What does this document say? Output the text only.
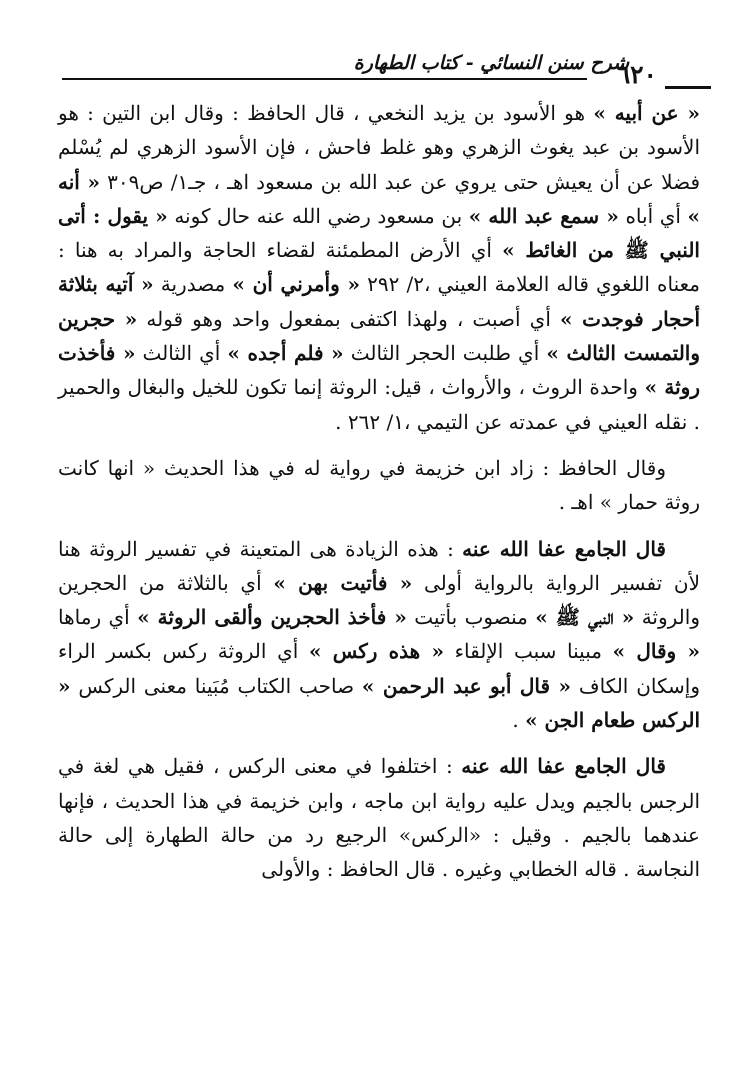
شرح سنن النسائي - كتاب الطهارة
٦٢٠

« عن أبيه » هو الأسود بن يزيد النخعي ، قال الحافظ : وقال ابن التين : هو الأسود بن عبد يغوث الزهري وهو غلط فاحش ، فإن الأسود الزهري لم يُسْلم فضلا عن أن يعيش حتى يروي عن عبد الله بن مسعود اهـ ، جـ١/ ص٣٠٩ « أنه » أي أباه « سمع عبد الله » بن مسعود رضي الله عنه حال كونه « يقول : أتى النبي ﷺ من الغائط » أي الأرض المطمئنة لقضاء الحاجة والمراد به هنا : معناه اللغوي قاله العلامة العيني ،٢/ ٢٩٢ « وأمرني أن » مصدرية « آتيه بثلاثة أحجار فوجدت » أي أصبت ، ولهذا اكتفى بمفعول واحد وهو قوله « حجرين والتمست الثالث » أي طلبت الحجر الثالث « فلم أجده » أي الثالث « فأخذت روثة » واحدة الروث ، والأرواث ، قيل: الروثة إنما تكون للخيل والبغال والحمير . نقله العيني في عمدته عن التيمي ،١/ ٢٦٢ .

وقال الحافظ : زاد ابن خزيمة في رواية له في هذا الحديث « انها كانت روثة حمار » اهـ .

قال الجامع عفا الله عنه : هذه الزيادة هى المتعينة في تفسير الروثة هنا لأن تفسير الرواية بالرواية أولى « فأتيت بهن » أي بالثلاثة من الحجرين والروثة « النبي ﷺ » منصوب بأتيت « فأخذ الحجرين وألقى الروثة » أي رماها « وقال » مبينا سبب الإلقاء « هذه ركس » أي الروثة ركس بكسر الراء وإسكان الكاف « قال أبو عبد الرحمن » صاحب الكتاب مُبَينا معنى الركس « الركس طعام الجن » .

قال الجامع عفا الله عنه : اختلفوا في معنى الركس ، فقيل هي لغة في الرجس بالجيم ويدل عليه رواية ابن ماجه ، وابن خزيمة في هذا الحديث ، فإنها عندهما بالجيم . وقيل : «الركس» الرجيع رد من حالة الطهارة إلى حالة النجاسة . قاله الخطابي وغيره . قال الحافظ : والأولى
